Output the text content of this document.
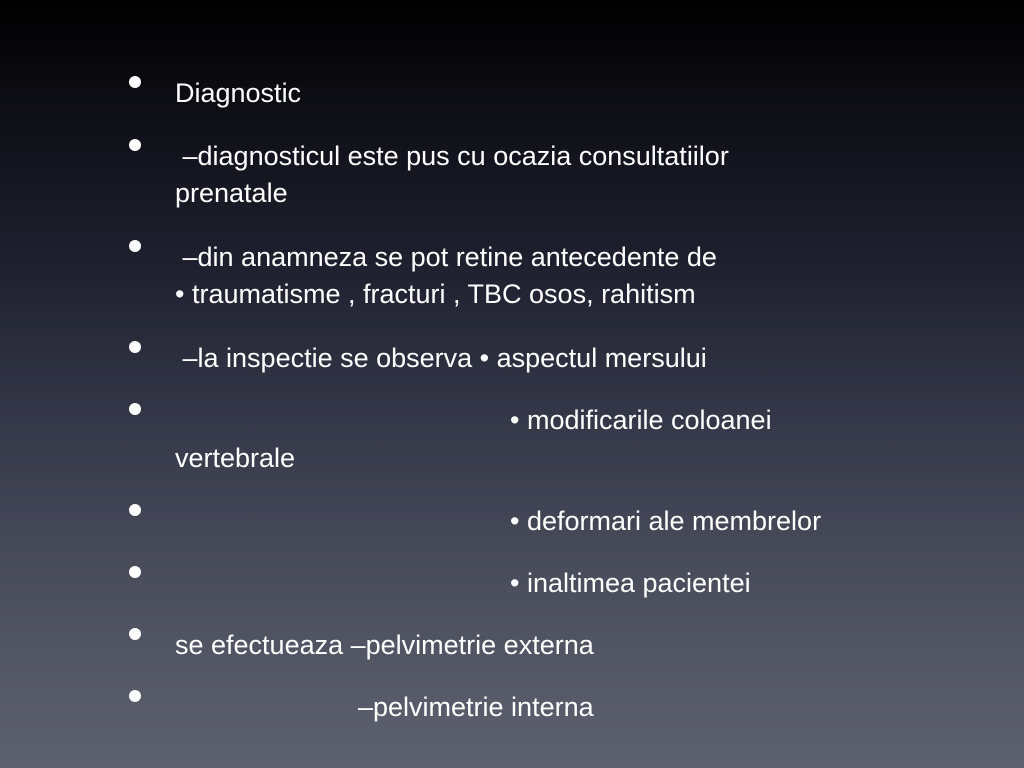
Diagnostic
–diagnosticul este pus cu ocazia consultatiilor
prenatale
–din anamneza se pot retine antecedente de
• traumatisme , fracturi , TBC osos, rahitism
–la inspectie se observa • aspectul mersului
• modificarile coloanei
vertebrale
• deformari ale membrelor
• inaltimea pacientei
se efectueaza –pelvimetrie externa
–pelvimetrie interna
